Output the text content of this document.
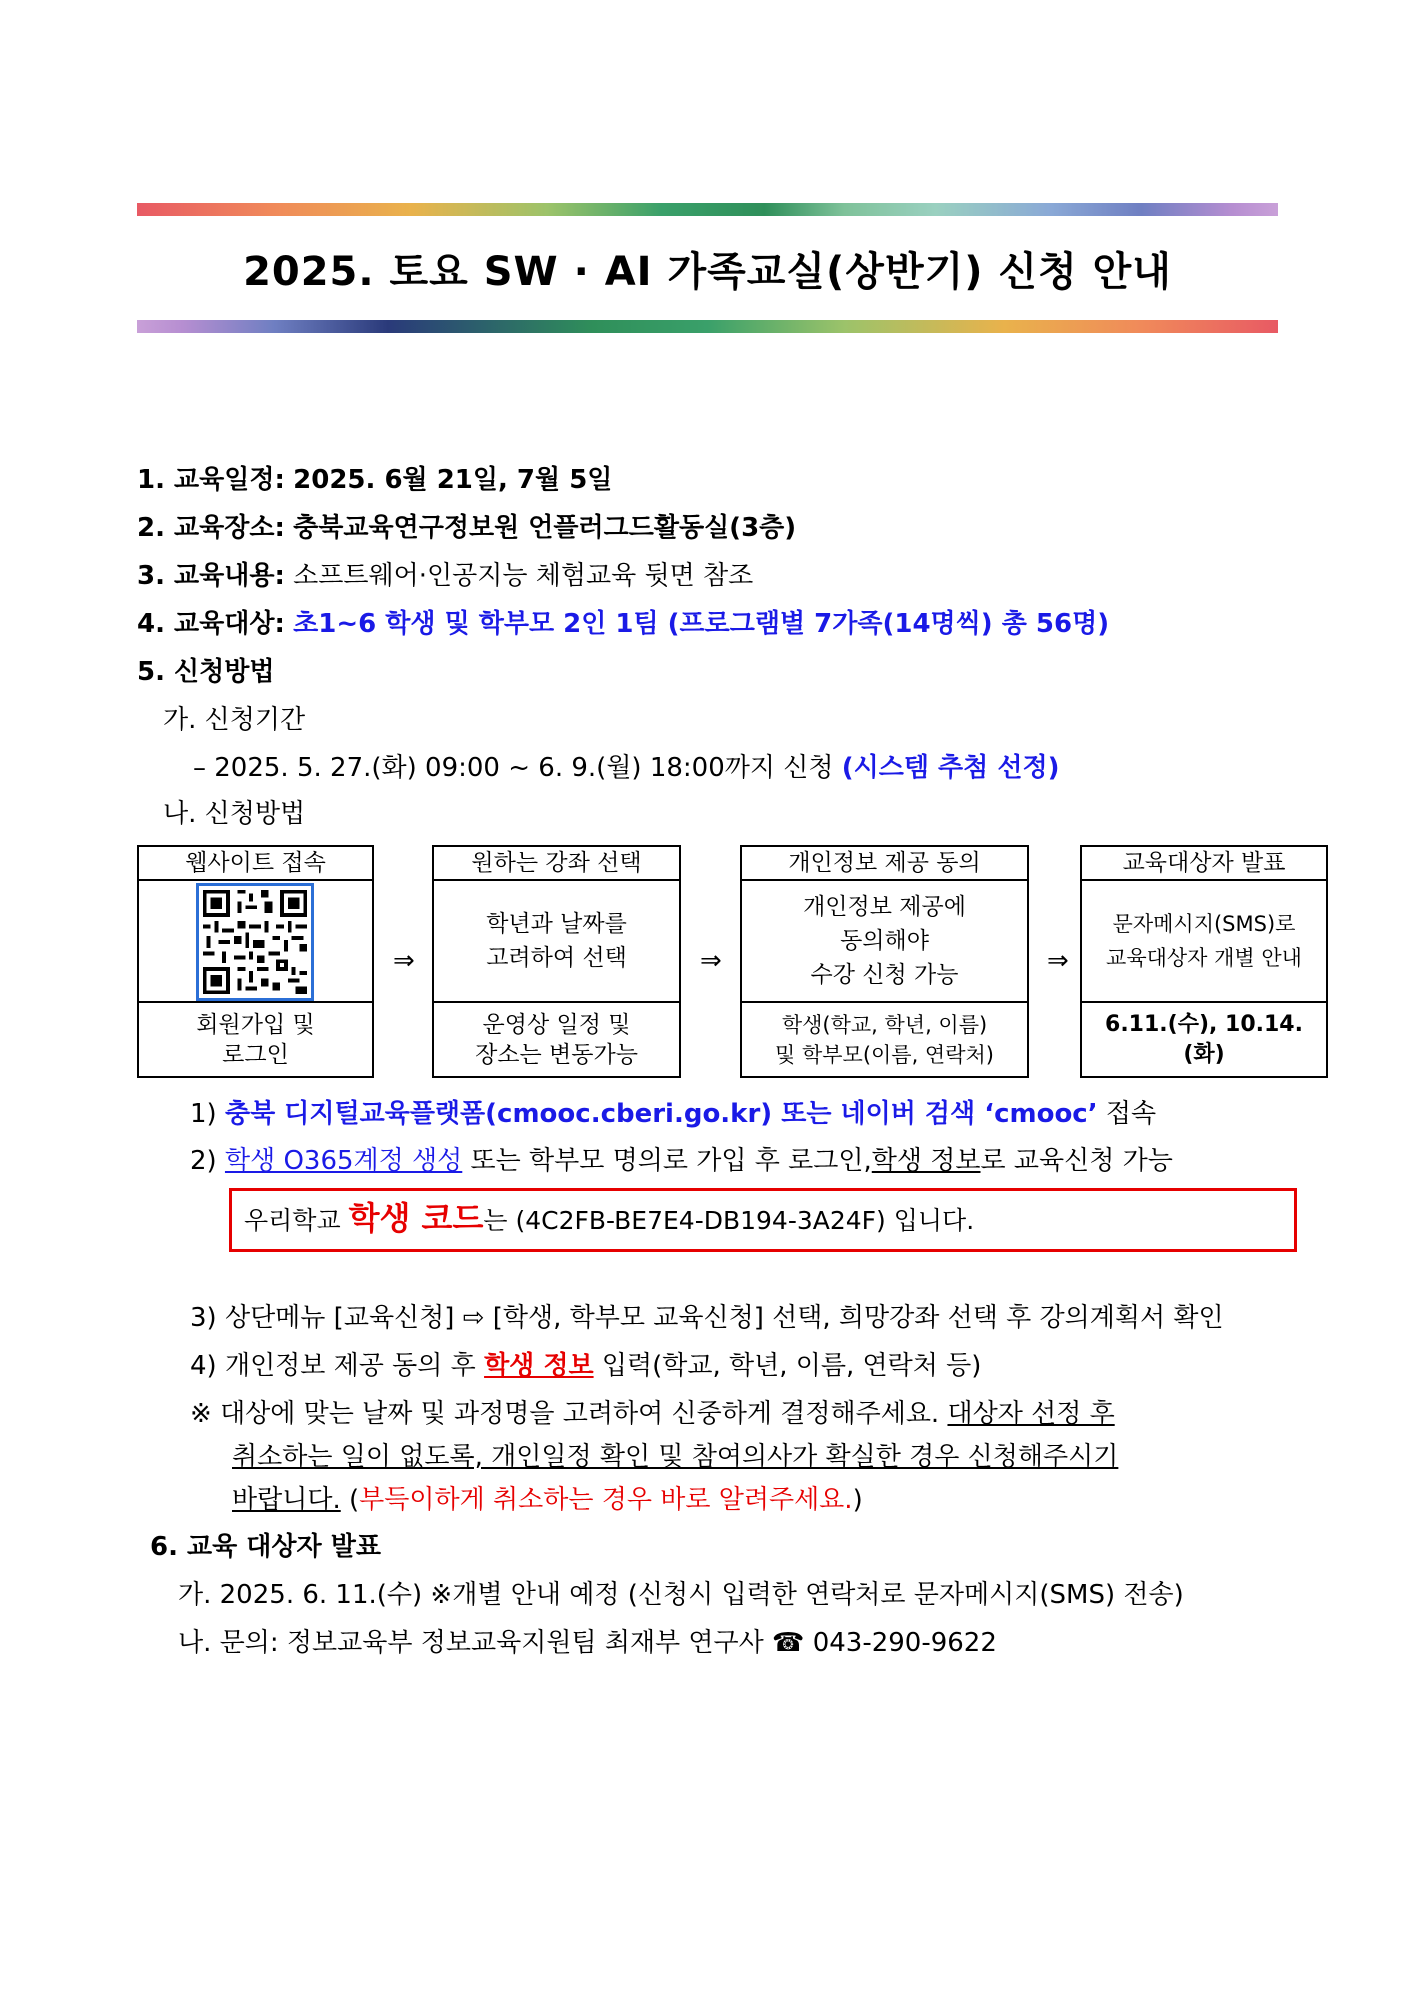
2025. 토요 SW · AI 가족교실(상반기) 신청 안내
1. 교육일정: 2025. 6월 21일, 7월 5일
2. 교육장소: 충북교육연구정보원 언플러그드활동실(3층)
3. 교육내용: 소프트웨어·인공지능 체험교육 뒷면 참조
4. 교육대상: 초1~6 학생 및 학부모 2인 1팀 (프로그램별 7가족(14명씩) 총 56명)
5. 신청방법
가. 신청기간
– 2025. 5. 27.(화) 09:00 ~ 6. 9.(월) 18:00까지 신청 (시스템 추첨 선정)
나. 신청방법
웹사이트 접속
회원가입 및
로그인
⇒
원하는 강좌 선택
학년과 날짜를
고려하여 선택
운영상 일정 및
장소는 변동가능
⇒
개인정보 제공 동의
개인정보 제공에
동의해야
수강 신청 가능
학생(학교, 학년, 이름)
및 학부모(이름, 연락처)
⇒
교육대상자 발표
문자메시지(SMS)로
교육대상자 개별 안내
6.11.(수), 10.14.
(화)
1) 충북 디지털교육플랫폼(cmooc.cberi.go.kr) 또는 네이버 검색 ‘cmooc’ 접속
2) 학생 O365계정 생성 또는 학부모 명의로 가입 후 로그인,학생 정보로 교육신청 가능
우리학교 학생 코드는 (4C2FB-BE7E4-DB194-3A24F) 입니다.
3) 상단메뉴 [교육신청] ⇨ [학생, 학부모 교육신청] 선택, 희망강좌 선택 후 강의계획서 확인
4) 개인정보 제공 동의 후 학생 정보 입력(학교, 학년, 이름, 연락처 등)
※ 대상에 맞는 날짜 및 과정명을 고려하여 신중하게 결정해주세요. 대상자 선정 후
취소하는 일이 없도록, 개인일정 확인 및 참여의사가 확실한 경우 신청해주시기
바랍니다. (부득이하게 취소하는 경우 바로 알려주세요.)
6. 교육 대상자 발표
가. 2025. 6. 11.(수) ※개별 안내 예정 (신청시 입력한 연락처로 문자메시지(SMS) 전송)
나. 문의: 정보교육부 정보교육지원팀 최재부 연구사 ☎ 043-290-9622
